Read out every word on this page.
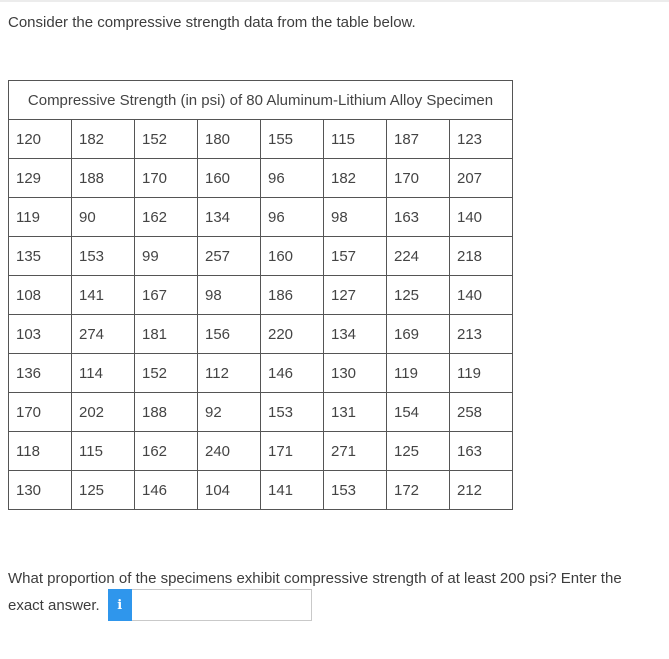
Consider the compressive strength data from the table below.
Compressive Strength (in psi) of 80 Aluminum-Lithium Alloy Specimen							
120	182	152	180	155	115	187	123
129	188	170	160	96	182	170	207
119	90	162	134	96	98	163	140
135	153	99	257	160	157	224	218
108	141	167	98	186	127	125	140
103	274	181	156	220	134	169	213
136	114	152	112	146	130	119	119
170	202	188	92	153	131	154	258
118	115	162	240	171	271	125	163
130	125	146	104	141	153	172	212
What proportion of the specimens exhibit compressive strength of at least 200 psi? Enter the
exact answer.	i
